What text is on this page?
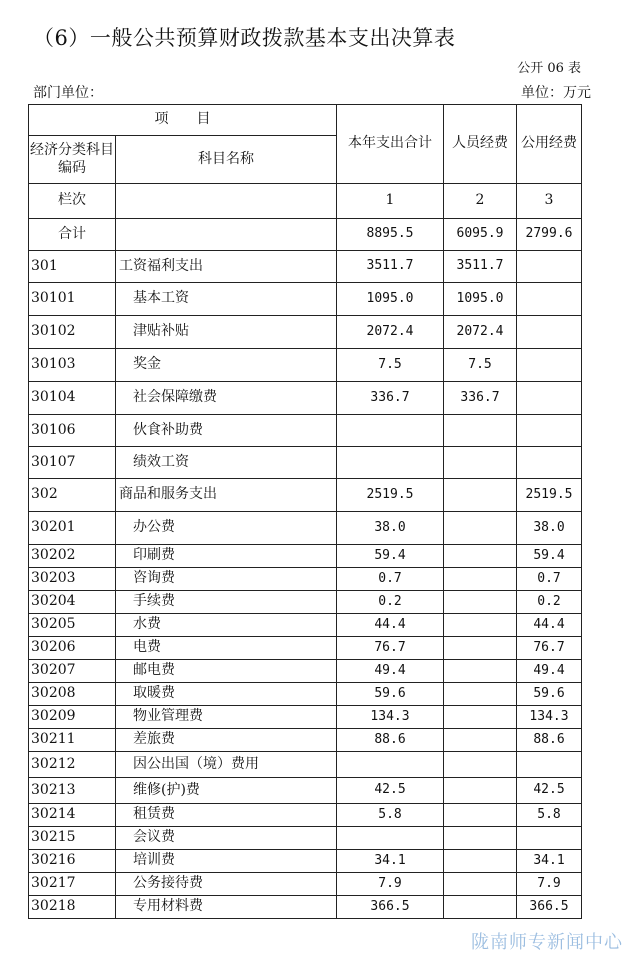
（6）一般公共预算财政拨款基本支出决算表
公开 06 表
部门单位：	单位：万元
项　　目		本年支出合计	人员经费	公用经费
经济分类科目编码	科目名称			
栏次		1	2	3
合计		8895.5	6095.9	2799.6
301	工资福利支出	3511.7	3511.7	
30101	基本工资	1095.0	1095.0	
30102	津贴补贴	2072.4	2072.4	
30103	奖金	7.5	7.5	
30104	社会保障缴费	336.7	336.7	
30106	伙食补助费			
30107	绩效工资			
302	商品和服务支出	2519.5		2519.5
30201	办公费	38.0		38.0
30202	印刷费	59.4		59.4
30203	咨询费	0.7		0.7
30204	手续费	0.2		0.2
30205	水费	44.4		44.4
30206	电费	76.7		76.7
30207	邮电费	49.4		49.4
30208	取暖费	59.6		59.6
30209	物业管理费	134.3		134.3
30211	差旅费	88.6		88.6
30212	因公出国（境）费用			
30213	维修(护)费	42.5		42.5
30214	租赁费	5.8		5.8
30215	会议费			
30216	培训费	34.1		34.1
30217	公务接待费	7.9		7.9
30218	专用材料费	366.5		366.5
陇南师专新闻中心
